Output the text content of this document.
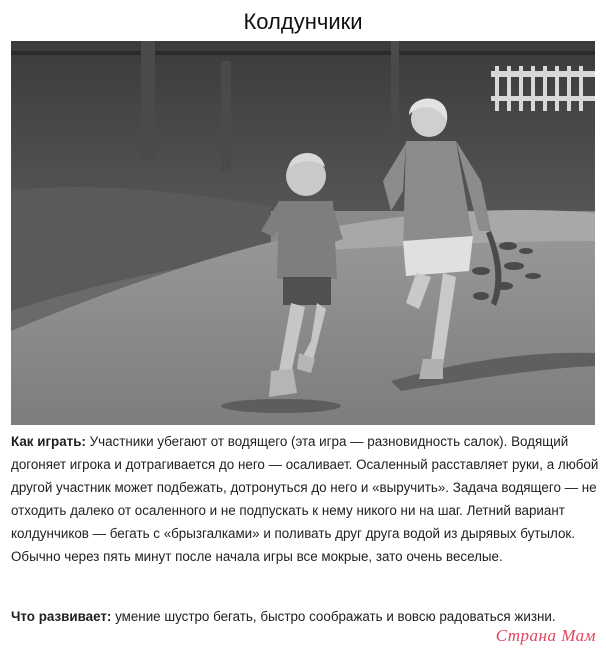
Колдунчики
Как играть: Участники убегают от водящего (эта игра — разновидность салок). Водящий догоняет игрока и дотрагивается до него — осаливает. Осаленный расставляет руки, а любой другой участник может подбежать, дотронуться до него и «выручить». Задача водящего — не отходить далеко от осаленного и не подпускать к нему никого ни на шаг. Летний вариант колдунчиков — бегать с «брызгалками» и поливать друг друга водой из дырявых бутылок. Обычно через пять минут после начала игры все мокрые, зато очень веселые.
Что развивает: умение шустро бегать, быстро соображать и вовсю радоваться жизни.
Страна Мам
